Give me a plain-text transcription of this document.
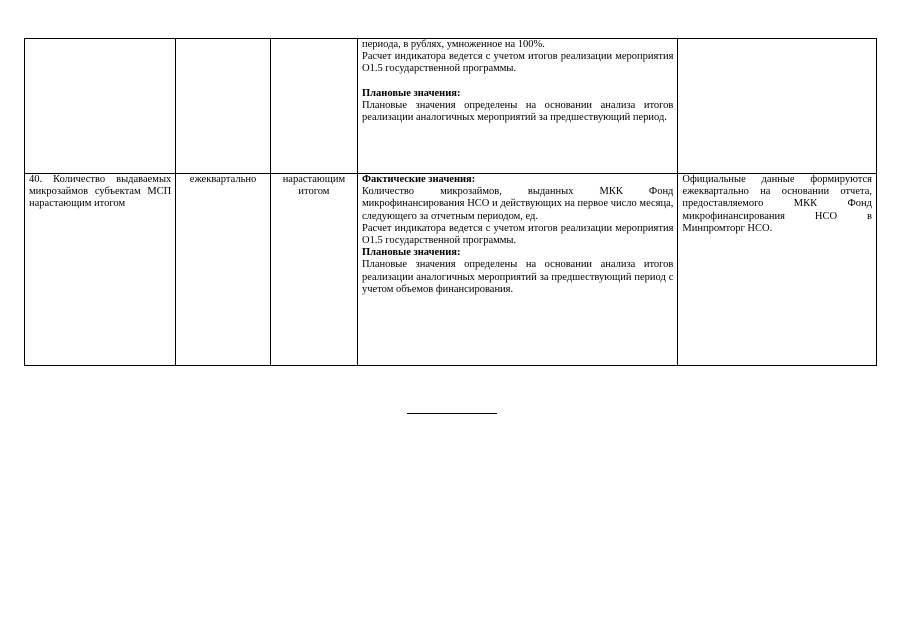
			периода, в рублях, умноженное на 100%.

Расчет индикатора ведется с учетом итогов реализации мероприятия О1.5 государственной программы.

Плановые значения:

Плановые значения определены на основании анализа итогов реализации аналогичных мероприятий за предшествующий период.	

40. Количество выдаваемых микрозаймов субъектам МСП нарастающим итогом	ежеквартально	нарастающим итогом	Фактические значения:

Количество микрозаймов, выданных МКК Фонд микрофинансирования НСО и действующих на первое число месяца, следующего за отчетным периодом, ед.

Расчет индикатора ведется с учетом итогов реализации мероприятия О1.5 государственной программы.

Плановые значения:

Плановые значения определены на основании анализа итогов реализации аналогичных мероприятий за предшествующий период с учетом объемов финансирования.	Официальные данные формируются ежеквартально на основании отчета, предоставляемого МКК Фонд микрофинансирования НСО в Минпромторг НСО.
